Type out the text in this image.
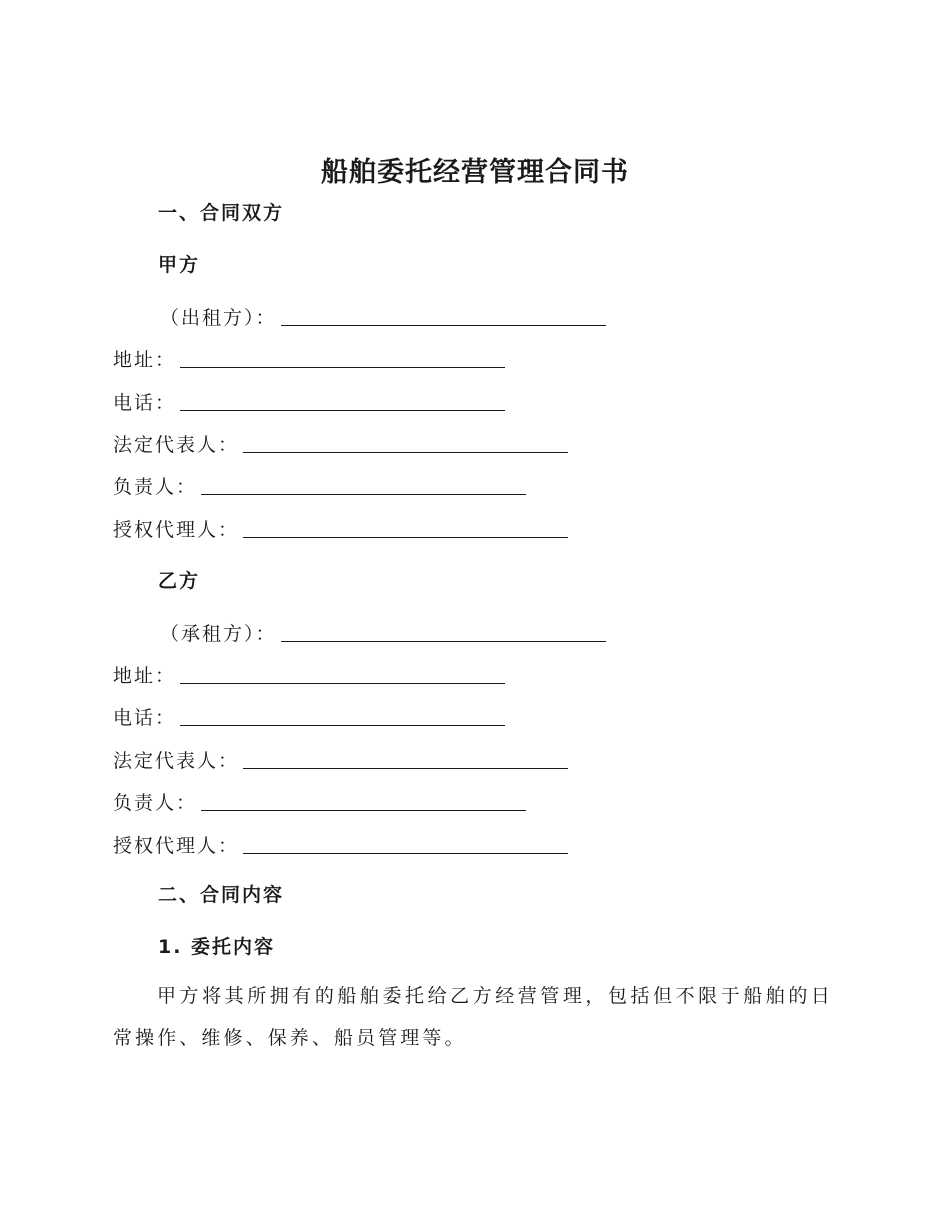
船舶委托经营管理合同书
一、合同双方
甲方
（出租方）：
地址：
电话：
法定代表人：
负责人：
授权代理人：
乙方
（承租方）：
地址：
电话：
法定代表人：
负责人：
授权代理人：
二、合同内容
1. 委托内容
甲方将其所拥有的船舶委托给乙方经营管理，包括但不限于船舶的日常操作、维修、保养、船员管理等。
